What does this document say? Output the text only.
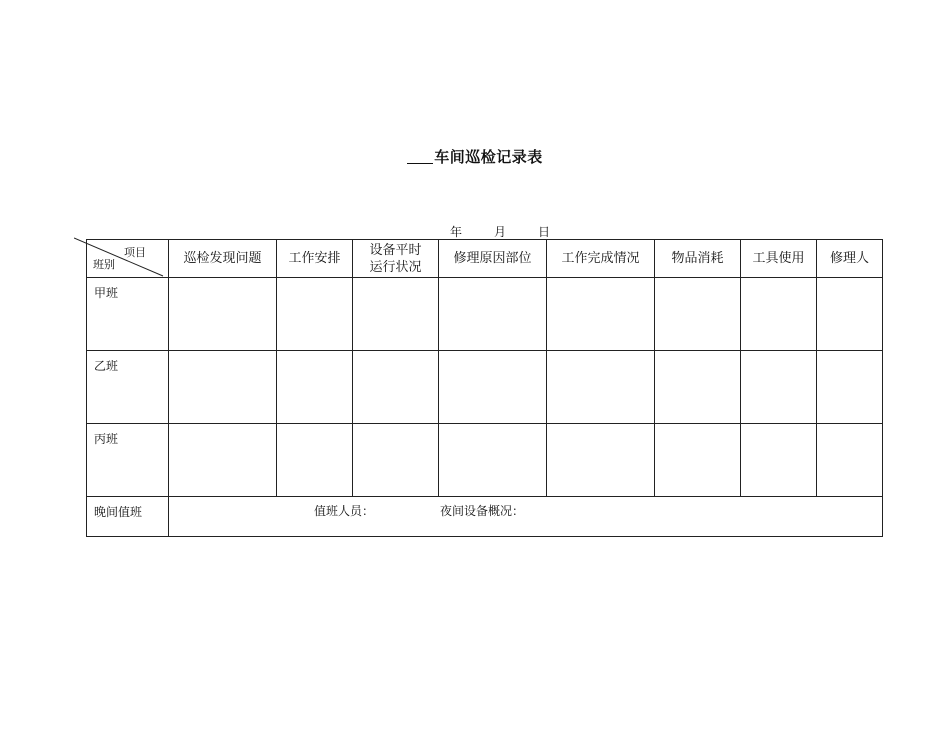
车间巡检记录表
年	月	日
项目
班别	巡检发现问题	工作安排	设备平时运行状况	修理原因部位	工作完成情况	物品消耗	工具使用	修理人
甲班								
乙班								
丙班								
晚间值班	值班人员： 夜间设备概况：							
